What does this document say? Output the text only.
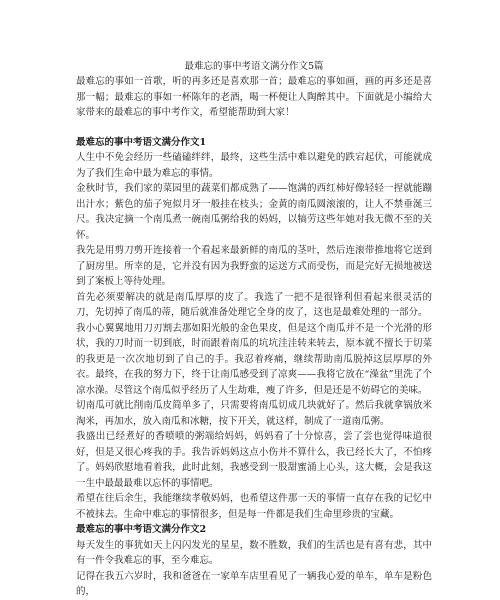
最难忘的事中考语文满分作文5篇

最难忘的事如一首歌，听的再多还是喜欢那一首；最难忘的事如画，画的再多还是喜那一幅；最难忘的事如一杯陈年的老酒，喝一杯便让人陶醉其中。下面就是小编给大家带来的最难忘的事中考作文，希望能帮助到大家！

最难忘的事中考语文满分作文1

人生中不免会经历一些磕磕绊绊，最终，这些生活中难以避免的跌宕起伏，可能就成为了我们生命中最为难忘的事情。

金秋时节，我们家的菜园里的蔬菜们都成熟了——饱满的西红柿好像轻轻一捏就能蹦出汁水；紫色的茄子宛似月牙一般挂在枝头；金黄的南瓜圆滚滚的，让人不禁垂涎三尺。我决定摘一个南瓜煮一碗南瓜粥给我的妈妈，以犒劳这些年她对我无微不至的关怀。

我先是用剪刀剪开连接着一个看起来最新鲜的南瓜的茎叶，然后连滚带推地将它送到了厨房里。所幸的是，它并没有因为我野蛮的运送方式而受伤，而是完好无损地被送到了案板上等待处理。

首先必须要解决的就是南瓜厚厚的皮了。我选了一把不是很锋利但看起来很灵活的刀，先切掉了南瓜的蒂，随后就准备处理它全身的皮了，这也是最难处理的一部分。

我小心翼翼地用刀刃割去那如阳光般的金色果皮，但是这个南瓜并不是一个光滑的形状，我的刀时而一切到底，时而跟着南瓜的坑坑洼洼转来转去，原本就不擅长于切菜的我更是一次次地切到了自己的手。我忍着疼痛，继续帮助南瓜脱掉这层厚厚的外衣。最终，在我的努力下，终于让南瓜感受到了凉爽——我将它放在“澡盆”里洗了个凉水澡。尽管这个南瓜似乎经历了人生劫难，瘦了许多，但是还是不妨碍它的美味。

切南瓜可就比削南瓜皮简单多了，只需要将南瓜切成几块就好了。然后我就拿锅放米淘米，再加水，放入南瓜和冰糖，按下开关，就这样，制成了一道南瓜粥。

我盛出已经煮好的香喷喷的粥端给妈妈，妈妈看了十分惊喜，尝了尝也觉得味道很好，但是又很心疼我的手。我告诉妈妈这点小伤并不算什么，我已经长大了，不怕疼了。妈妈欣慰地看着我，此时此刻，我感受到一股甜蜜涌上心头，这大概，会是我这一生中最最最难以忘怀的事情吧。

希望在往后余生，我能继续孝敬妈妈，也希望这件那一天的事情一直存在我的记忆中不被抹去。生命中难忘的事情很多，但是每一件都是我们生命里珍贵的宝藏。

最难忘的事中考语文满分作文2

每天发生的事犹如天上闪闪发光的星星，数不胜数，我们的生活也是有喜有悲，其中有一件令我难忘的事，至今难忘。

记得在我五六岁时，我和爸爸在一家单车店里看见了一辆我心爱的单车，单车是粉色的，
